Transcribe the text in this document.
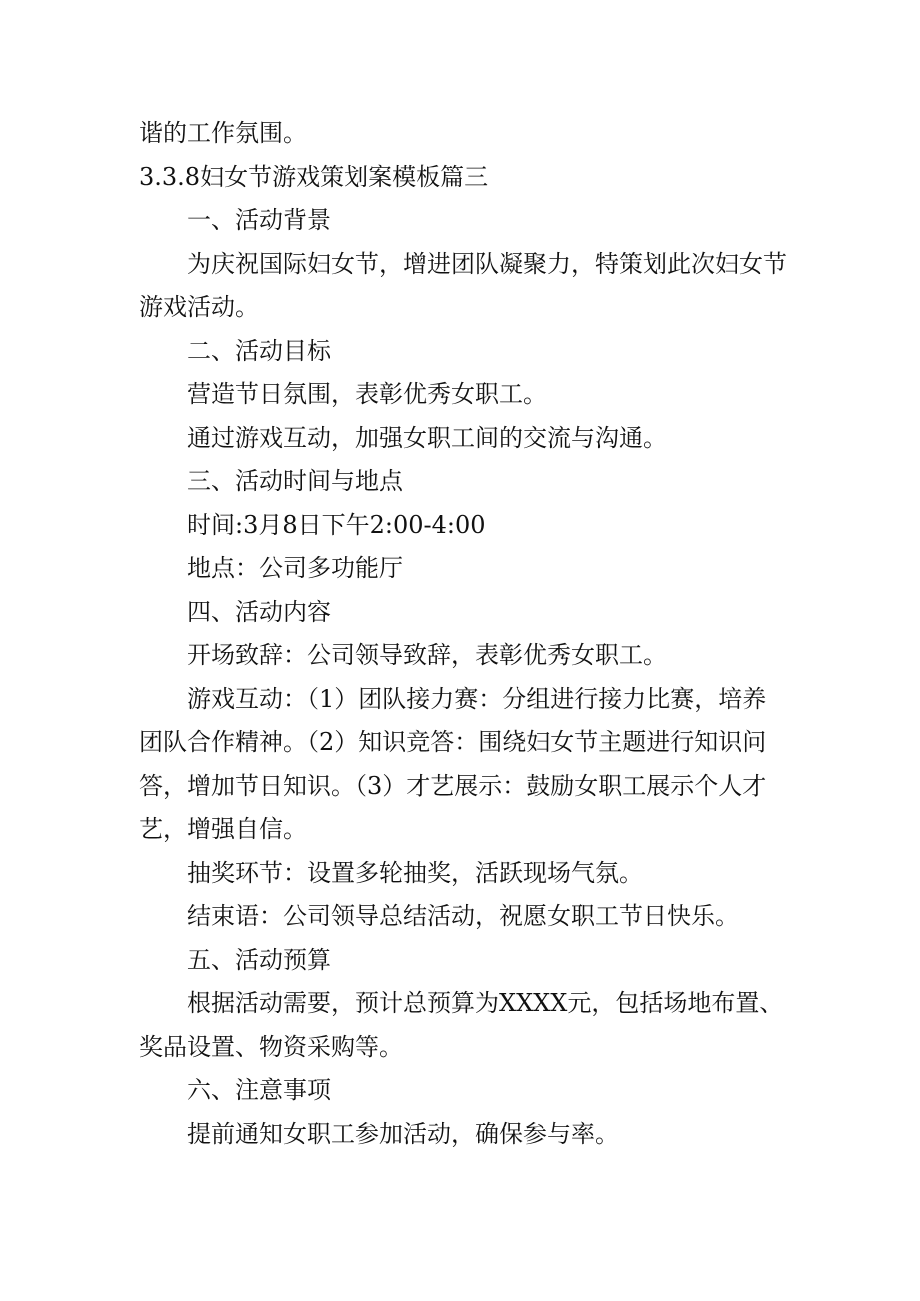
谐的工作氛围。

3.3.8妇女节游戏策划案模板篇三

一、活动背景

为庆祝国际妇女节，增进团队凝聚力，特策划此次妇女节游戏活动。

二、活动目标

营造节日氛围，表彰优秀女职工。

通过游戏互动，加强女职工间的交流与沟通。

三、活动时间与地点

时间:3月8日下午2:00-4:00

地点：公司多功能厅

四、活动内容

开场致辞：公司领导致辞，表彰优秀女职工。

游戏互动：（1）团队接力赛：分组进行接力比赛，培养团队合作精神。（2）知识竞答：围绕妇女节主题进行知识问答，增加节日知识。（3）才艺展示：鼓励女职工展示个人才艺，增强自信。

抽奖环节：设置多轮抽奖，活跃现场气氛。

结束语：公司领导总结活动，祝愿女职工节日快乐。

五、活动预算

根据活动需要，预计总预算为XXXX元，包括场地布置、奖品设置、物资采购等。

六、注意事项

提前通知女职工参加活动，确保参与率。
